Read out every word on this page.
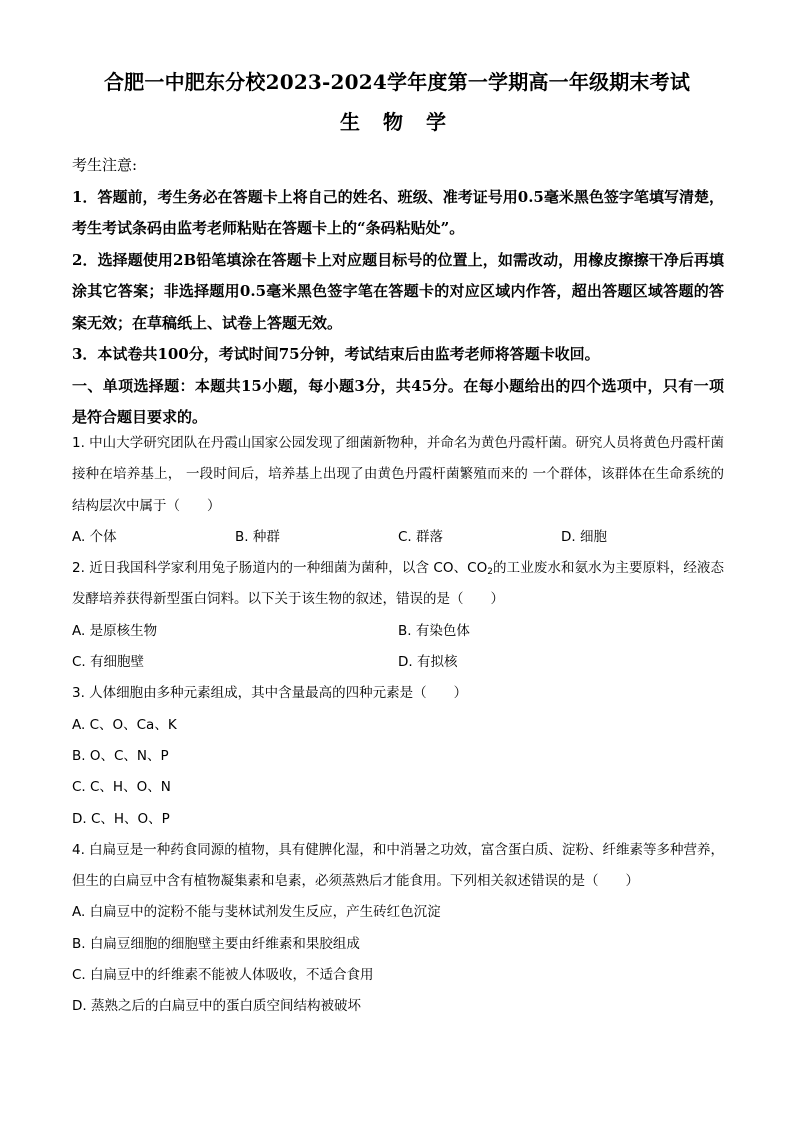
合肥一中肥东分校2023-2024学年度第一学期高一年级期末考试
生 物 学
考生注意:
1．答题前，考生务必在答题卡上将自己的姓名、班级、准考证号用0.5毫米黑色签字笔填写清楚，考生考试条码由监考老师粘贴在答题卡上的“条码粘贴处”。
2．选择题使用2B铅笔填涂在答题卡上对应题目标号的位置上，如需改动，用橡皮擦擦干净后再填涂其它答案；非选择题用0.5毫米黑色签字笔在答题卡的对应区域内作答，超出答题区域答题的答案无效；在草稿纸上、试卷上答题无效。
3．本试卷共100分，考试时间75分钟，考试结束后由监考老师将答题卡收回。
一、单项选择题：本题共15小题，每小题3分，共45分。在每小题给出的四个选项中，只有一项是符合题目要求的。
1. 中山大学研究团队在丹霞山国家公园发现了细菌新物种，并命名为黄色丹霞杆菌。研究人员将黄色丹霞杆菌接种在培养基上， 一段时间后，培养基上出现了由黄色丹霞杆菌繁殖而来的 一个群体，该群体在生命系统的结构层次中属于（　　）
A. 个体	B. 种群	C. 群落	D. 细胞
2. 近日我国科学家利用兔子肠道内的一种细菌为菌种，以含 CO、$CO_2$的工业废水和氨水为主要原料，经液态发酵培养获得新型蛋白饲料。以下关于该生物的叙述，错误的是（　　）
A. 是原核生物	B. 有染色体
C. 有细胞壁	D. 有拟核
3. 人体细胞由多种元素组成，其中含量最高的四种元素是（　　）
A. C、O、Ca、K
B. O、C、N、P
C. C、H、O、N
D. C、H、O、P
4. 白扁豆是一种药食同源的植物，具有健脾化湿，和中消暑之功效，富含蛋白质、淀粉、纤维素等多种营养，但生的白扁豆中含有植物凝集素和皂素，必须蒸熟后才能食用。下列相关叙述错误的是（　　）
A. 白扁豆中的淀粉不能与斐林试剂发生反应，产生砖红色沉淀
B. 白扁豆细胞的细胞壁主要由纤维素和果胶组成
C. 白扁豆中的纤维素不能被人体吸收，不适合食用
D. 蒸熟之后的白扁豆中的蛋白质空间结构被破坏
